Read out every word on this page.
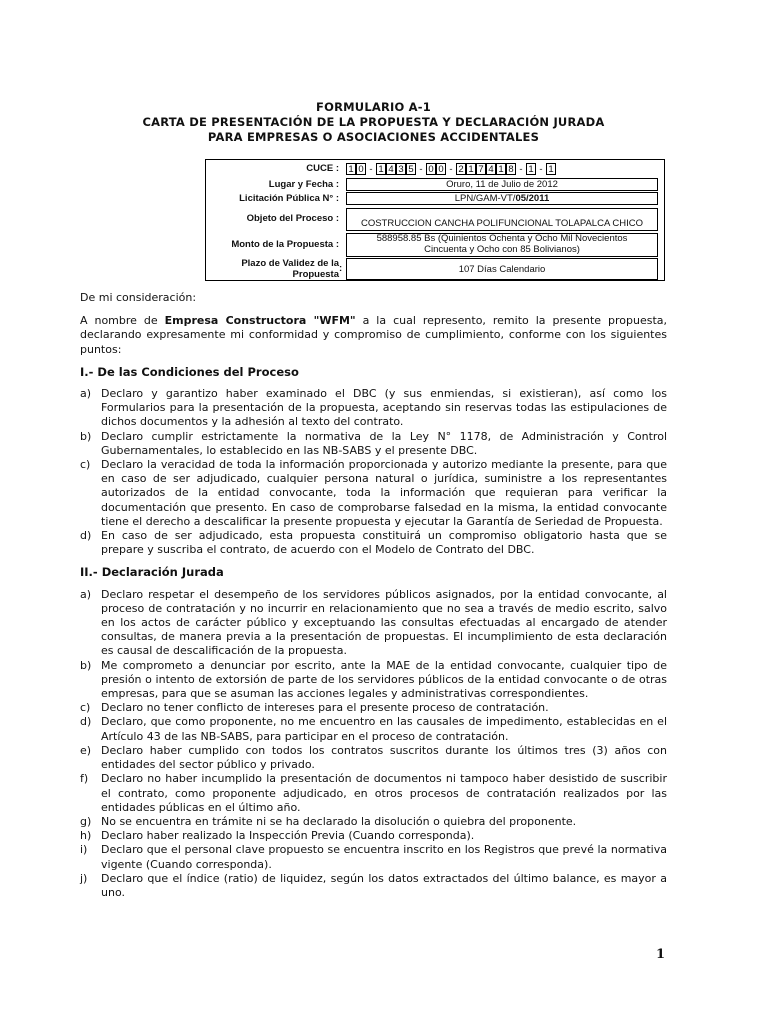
FORMULARIO A-1
CARTA DE PRESENTACIÓN DE LA PROPUESTA Y DECLARACIÓN JURADA
PARA EMPRESAS O ASOCIACIONES ACCIDENTALES
CUCE : 1 0 - 1 4 3 5 - 0 0 - 2 1 7 4 1 8 - 1 - 1
Lugar y Fecha :	Oruro, 11 de Julio de 2012
Licitación Pública N° :	LPN/GAM-VT/05/2011
Objeto del Proceso :	COSTRUCCION CANCHA POLIFUNCIONAL TOLAPALCA CHICO
Monto de la Propuesta :
588958.85 Bs (Quinientos Ochenta y Ocho Mil Novecientos
Cincuenta y Ocho con 85 Bolivianos)
Plazo de Validez de la
Propuesta
:	107 Días Calendario

De mi consideración:

A nombre de Empresa Constructora "WFM" a la cual represento, remito la presente propuesta, declarando expresamente mi conformidad y compromiso de cumplimiento, conforme con los siguientes puntos:

I.- De las Condiciones del Proceso

a) Declaro y garantizo haber examinado el DBC (y sus enmiendas, si existieran), así como los Formularios para la presentación de la propuesta, aceptando sin reservas todas las estipulaciones de dichos documentos y la adhesión al texto del contrato.
b) Declaro cumplir estrictamente la normativa de la Ley N° 1178, de Administración y Control Gubernamentales, lo establecido en las NB-SABS y el presente DBC.
c) Declaro la veracidad de toda la información proporcionada y autorizo mediante la presente, para que en caso de ser adjudicado, cualquier persona natural o jurídica, suministre a los representantes autorizados de la entidad convocante, toda la información que requieran para verificar la documentación que presento. En caso de comprobarse falsedad en la misma, la entidad convocante tiene el derecho a descalificar la presente propuesta y ejecutar la Garantía de Seriedad de Propuesta.
d) En caso de ser adjudicado, esta propuesta constituirá un compromiso obligatorio hasta que se prepare y suscriba el contrato, de acuerdo con el Modelo de Contrato del DBC.

II.- Declaración Jurada

a) Declaro respetar el desempeño de los servidores públicos asignados, por la entidad convocante, al proceso de contratación y no incurrir en relacionamiento que no sea a través de medio escrito, salvo en los actos de carácter público y exceptuando las consultas efectuadas al encargado de atender consultas, de manera previa a la presentación de propuestas. El incumplimiento de esta declaración es causal de descalificación de la propuesta.
b) Me comprometo a denunciar por escrito, ante la MAE de la entidad convocante, cualquier tipo de presión o intento de extorsión de parte de los servidores públicos de la entidad convocante o de otras empresas, para que se asuman las acciones legales y administrativas correspondientes.
c) Declaro no tener conflicto de intereses para el presente proceso de contratación.
d) Declaro, que como proponente, no me encuentro en las causales de impedimento, establecidas en el Artículo 43 de las NB-SABS, para participar en el proceso de contratación.
e) Declaro haber cumplido con todos los contratos suscritos durante los últimos tres (3) años con entidades del sector público y privado.
f) Declaro no haber incumplido la presentación de documentos ni tampoco haber desistido de suscribir el contrato, como proponente adjudicado, en otros procesos de contratación realizados por las entidades públicas en el último año.
g) No se encuentra en trámite ni se ha declarado la disolución o quiebra del proponente.
h) Declaro haber realizado la Inspección Previa (Cuando corresponda).
i) Declaro que el personal clave propuesto se encuentra inscrito en los Registros que prevé la normativa vigente (Cuando corresponda).
j) Declaro que el índice (ratio) de liquidez, según los datos extractados del último balance, es mayor a uno.
1
